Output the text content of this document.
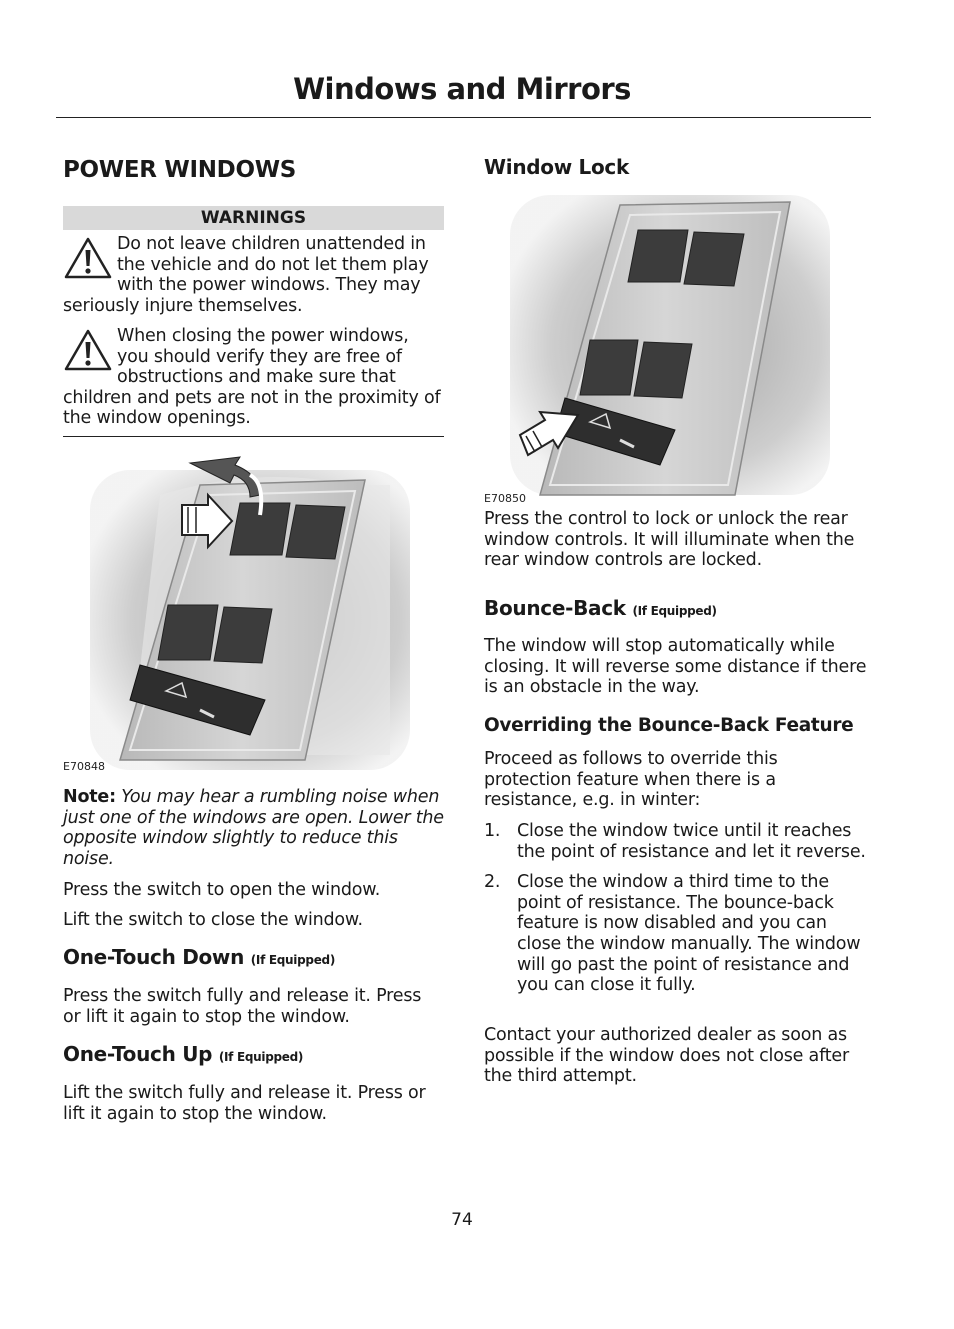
Windows and Mirrors
POWER WINDOWS
WARNINGS

Do not leave children unattended in the vehicle and do not let them play with the power windows. They may seriously injure themselves.

When closing the power windows, you should verify they are free of obstructions and make sure that children and pets are not in the proximity of the window openings.

E70848

Note: You may hear a rumbling noise when just one of the windows are open. Lower the opposite window slightly to reduce this noise.

Press the switch to open the window.

Lift the switch to close the window.

One-Touch Down (If Equipped)

Press the switch fully and release it. Press or lift it again to stop the window.

One-Touch Up (If Equipped)

Lift the switch fully and release it. Press or lift it again to stop the window.

Window Lock
E70850

Press the control to lock or unlock the rear window controls. It will illuminate when the rear window controls are locked.

Bounce-Back (If Equipped)

The window will stop automatically while closing. It will reverse some distance if there is an obstacle in the way.

Overriding the Bounce-Back Feature

Proceed as follows to override this protection feature when there is a resistance, e.g. in winter:

1. Close the window twice until it reaches the point of resistance and let it reverse.
2. Close the window a third time to the point of resistance. The bounce-back feature is now disabled and you can close the window manually. The window will go past the point of resistance and you can close it fully.

Contact your authorized dealer as soon as possible if the window does not close after the third attempt.

74
